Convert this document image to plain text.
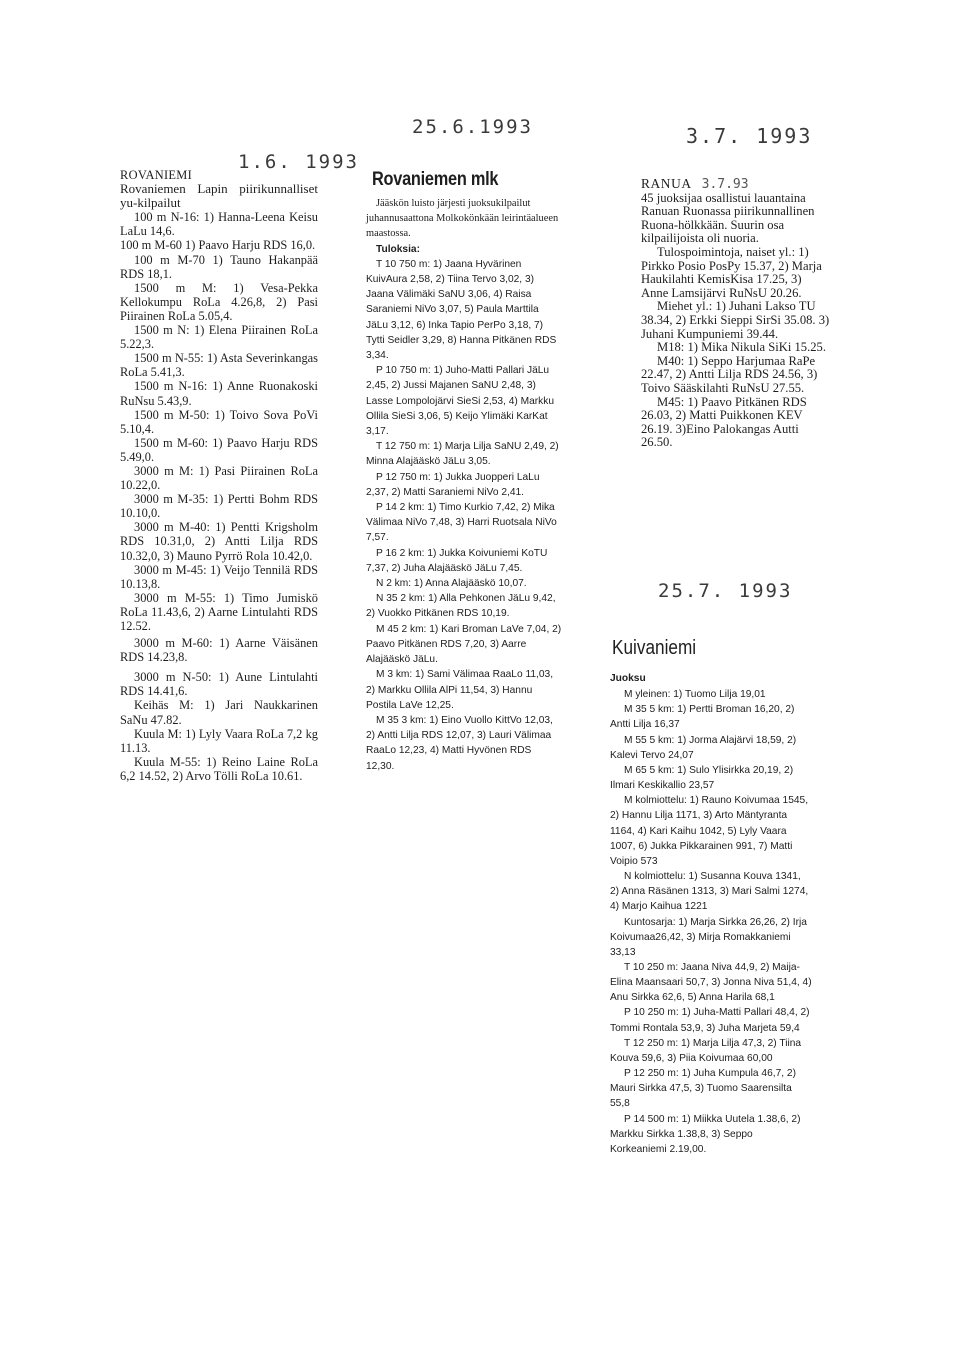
1.6. 1993
25.6.1993	3.7. 1993
25.7. 1993
ROVANIEMI
Rovaniemen Lapin piirikunnalliset yu-kilpailut
100 m N-16: 1) Hanna-Leena Keisu LaLu 14,6.
100 m M-60 1) Paavo Harju RDS 16,0.
100 m M-70 1) Tauno Hakanpää RDS 18,1.
1500 m M: 1) Vesa-Pekka Kellokumpu RoLa 4.26,8, 2) Pasi Piirainen RoLa 5.05,4.
1500 m N: 1) Elena Piirainen RoLa 5.22,3.
1500 m N-55: 1) Asta Severinkangas RoLa 5.41,3.
1500 m N-16: 1) Anne Ruonakoski RuNsu 5.43,9.
1500 m M-50: 1) Toivo Sova PoVi 5.10,4.
1500 m M-60: 1) Paavo Harju RDS 5.49,0.
3000 m M: 1) Pasi Piirainen RoLa 10.22,0.
3000 m M-35: 1) Pertti Bohm RDS 10.10,0.
3000 m M-40: 1) Pentti Krigsholm RDS 10.31,0, 2) Antti Lilja RDS 10.32,0, 3) Mauno Pyrrö Rola 10.42,0.
3000 m M-45: 1) Veijo Tennilä RDS 10.13,8.
3000 m M-55: 1) Timo Jumiskö RoLa 11.43,6, 2) Aarne Lintulahti RDS 12.52.
3000 m M-60: 1) Aarne Väisänen RDS 14.23,8.
3000 m N-50: 1) Aune Lintulahti RDS 14.41,6.
Keihäs M: 1) Jari Naukkarinen SaNu 47.82.
Kuula M: 1) Lyly Vaara RoLa 7,2 kg 11.13.
Kuula M-55: 1) Reino Laine RoLa 6,2 14.52, 2) Arvo Tölli RoLa 10.61.
Rovaniemen mlk
Jääskön luisto järjesti juoksukilpailut juhannusaattona Molkokönkään leirintäalueen maastossa.
Tuloksia:
T 10 750 m: 1) Jaana Hyvärinen KuivAura 2,58, 2) Tiina Tervo 3,02, 3) Jaana Välimäki SaNU 3,06, 4) Raisa Saraniemi NiVo 3,07, 5) Paula Marttila JäLu 3,12, 6) Inka Tapio PerPo 3,18, 7) Tytti Seidler 3,29, 8) Hanna Pitkänen RDS 3,34.
P 10 750 m: 1) Juho-Matti Pallari JäLu 2,45, 2) Jussi Majanen SaNU 2,48, 3) Lasse Lompolojärvi SieSi 2,53, 4) Markku Ollila SieSi 3,06, 5) Keijo Ylimäki KarKat 3,17.
T 12 750 m: 1) Marja Lilja SaNU 2,49, 2) Minna Alajääskö JäLu 3,05.
P 12 750 m: 1) Jukka Juopperi LaLu 2,37, 2) Matti Saraniemi NiVo 2,41.
P 14 2 km: 1) Timo Kurkio 7,42, 2) Mika Välimaa NiVo 7,48, 3) Harri Ruotsala NiVo 7,57.
P 16 2 km: 1) Jukka Koivuniemi KoTU 7,37, 2) Juha Alajääskö JäLu 7,45.
N 2 km: 1) Anna Alajääskö 10,07.
N 35 2 km: 1) Alla Pehkonen JäLu 9,42, 2) Vuokko Pitkänen RDS 10,19.
M 45 2 km: 1) Kari Broman LaVe 7,04, 2) Paavo Pitkänen RDS 7,20, 3) Aarre Alajääskö JäLu.
M 3 km: 1) Sami Välimaa RaaLo 11,03, 2) Markku Ollila AlPi 11,54, 3) Hannu Postila LaVe 12,25.
M 35 3 km: 1) Eino Vuollo KittVo 12,03, 2) Antti Lilja RDS 12,07, 3) Lauri Välimaa RaaLo 12,23, 4) Matti Hyvönen RDS 12,30.
RANUA 3.7.93
45 juoksijaa osallistui lauantaina Ranuan Ruonassa piirikunnallinen Ruona-hölkkään. Suurin osa kilpailijoista oli nuoria.
Tulospoimintoja, naiset yl.: 1) Pirkko Posio PosPy 15.37, 2) Marja Haukilahti KemisKisa 17.25, 3) Anne Lamsijärvi RuNsU 20.26.
Miehet yl.: 1) Juhani Lakso TU 38.34, 2) Erkki Sieppi SirSi 35.08. 3) Juhani Kumpuniemi 39.44.
M18: 1) Mika Nikula SiKi 15.25.
M40: 1) Seppo Harjumaa RaPe 22.47, 2) Antti Lilja RDS 24.56, 3) Toivo Sääskilahti RuNsU 27.55.
M45: 1) Paavo Pitkänen RDS 26.03, 2) Matti Puikkonen KEV 26.19. 3)Eino Palokangas Autti 26.50.
Kuivaniemi
Juoksu
M yleinen: 1) Tuomo Lilja 19,01
M 35 5 km: 1) Pertti Broman 16,20, 2) Antti Lilja 16,37
M 55 5 km: 1) Jorma Alajärvi 18,59, 2) Kalevi Tervo 24,07
M 65 5 km: 1) Sulo Ylisirkka 20,19, 2) Ilmari Keskikallio 23,57
M kolmiottelu: 1) Rauno Koivumaa 1545, 2) Hannu Lilja 1171, 3) Arto Mäntyranta 1164, 4) Kari Kaihu 1042, 5) Lyly Vaara 1007, 6) Jukka Pikkarainen 991, 7) Matti Voipio 573
N kolmiottelu: 1) Susanna Kouva 1341, 2) Anna Räsänen 1313, 3) Mari Salmi 1274, 4) Marjo Kaihua 1221
Kuntosarja: 1) Marja Sirkka 26,26, 2) Irja Koivumaa26,42, 3) Mirja Romakkaniemi 33,13
T 10 250 m: Jaana Niva 44,9, 2) Maija-Elina Maansaari 50,7, 3) Jonna Niva 51,4, 4) Anu Sirkka 62,6, 5) Anna Harila 68,1
P 10 250 m: 1) Juha-Matti Pallari 48,4, 2) Tommi Rontala 53,9, 3) Juha Marjeta 59,4
T 12 250 m: 1) Marja Lilja 47,3, 2) Tiina Kouva 59,6, 3) Piia Koivumaa 60,00
P 12 250 m: 1) Juha Kumpula 46,7, 2) Mauri Sirkka 47,5, 3) Tuomo Saarensilta 55,8
P 14 500 m: 1) Miikka Uutela 1.38,6, 2) Markku Sirkka 1.38,8, 3) Seppo Korkeaniemi 2.19,00.
